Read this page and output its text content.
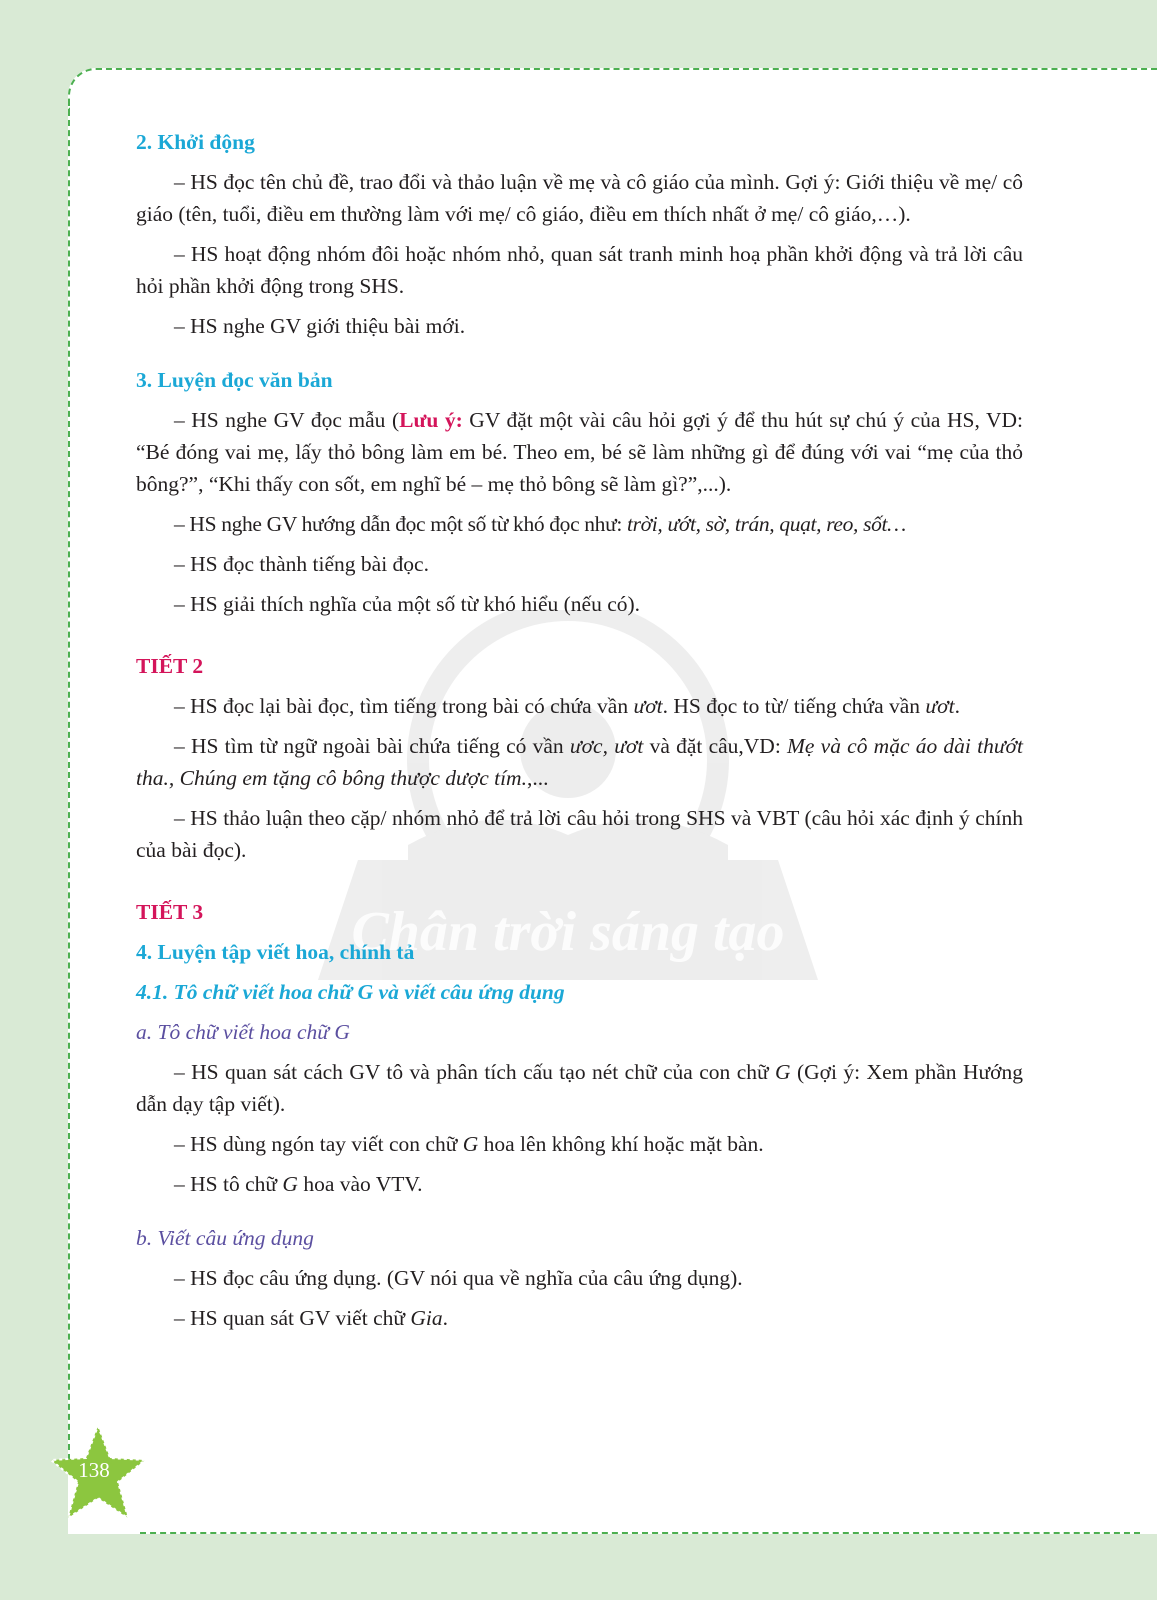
Chân trời sáng tạo
2. Khởi động

– HS đọc tên chủ đề, trao đổi và thảo luận về mẹ và cô giáo của mình. Gợi ý: Giới thiệu về mẹ/ cô giáo (tên, tuổi, điều em thường làm với mẹ/ cô giáo, điều em thích nhất ở mẹ/ cô giáo,…).

– HS hoạt động nhóm đôi hoặc nhóm nhỏ, quan sát tranh minh hoạ phần khởi động và trả lời câu hỏi phần khởi động trong SHS.

– HS nghe GV giới thiệu bài mới.

3. Luyện đọc văn bản

– HS nghe GV đọc mẫu (Lưu ý: GV đặt một vài câu hỏi gợi ý để thu hút sự chú ý của HS, VD: “Bé đóng vai mẹ, lấy thỏ bông làm em bé. Theo em, bé sẽ làm những gì để đúng với vai “mẹ của thỏ bông?”, “Khi thấy con sốt, em nghĩ bé – mẹ thỏ bông sẽ làm gì?”,...).

– HS nghe GV hướng dẫn đọc một số từ khó đọc như: trời, ướt, sờ, trán, quạt, reo, sốt…

– HS đọc thành tiếng bài đọc.

– HS giải thích nghĩa của một số từ khó hiểu (nếu có).

TIẾT 2

– HS đọc lại bài đọc, tìm tiếng trong bài có chứa vần ươt. HS đọc to từ/ tiếng chứa vần ươt.

– HS tìm từ ngữ ngoài bài chứa tiếng có vần ươc, ươt và đặt câu,VD: Mẹ và cô mặc áo dài thướt tha., Chúng em tặng cô bông thược dược tím.,...

– HS thảo luận theo cặp/ nhóm nhỏ để trả lời câu hỏi trong SHS và VBT (câu hỏi xác định ý chính của bài đọc).

TIẾT 3
4. Luyện tập viết hoa, chính tả
4.1. Tô chữ viết hoa chữ G và viết câu ứng dụng
a. Tô chữ viết hoa chữ G

– HS quan sát cách GV tô và phân tích cấu tạo nét chữ của con chữ G (Gợi ý: Xem phần Hướng dẫn dạy tập viết).

– HS dùng ngón tay viết con chữ G hoa lên không khí hoặc mặt bàn.

– HS tô chữ G hoa vào VTV.

b. Viết câu ứng dụng

– HS đọc câu ứng dụng. (GV nói qua về nghĩa của câu ứng dụng).

– HS quan sát GV viết chữ Gia.

138
